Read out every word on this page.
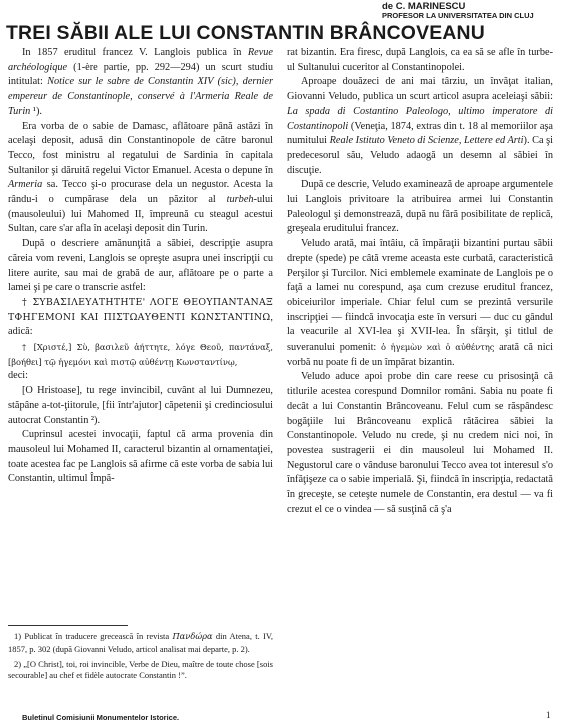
de C. MARINESCU
PROFESOR LA UNIVERSITATEA DIN CLUJ
TREI SĂBII ALE LUI CONSTANTIN BRÂNCOVEANU

In 1857 eruditul francez V. Langlois publica în Revue archéologique (1-ère partie, pp. 292—294) un scurt studiu intitulat: Notice sur le sabre de Constantin XIV (sic), dernier empereur de Constantinople, conservé à l'Armeria Reale de Turin ¹).

Era vorba de o sabie de Damasc, aflătoare până astăzi în acelaşi deposit, adusă din Constantinopole de către baronul Tecco, fost ministru al regatului de Sardinia în capitala Sultanilor şi dăruită regelui Victor Emanuel. Acesta o depune în Armeria sa. Tecco şi-o procurase dela un negustor. Acesta la rându-i o cumpărase dela un păzitor al turbeh-ului (mausoleului) lui Mahomed II, împreună cu steagul acestui Sultan, care s'ar afla în acelaşi deposit din Turin.

După o descriere amănunţită a săbiei, descripţie asupra căreia vom reveni, Langlois se opreşte asupra unei inscripţii cu litere aurite, sau mai de grabă de aur, aflătoare pe o parte a lamei şi pe care o transcrie astfel:

† ΣΥΒΑΣΙΛΕΥΑΤΗΤΗΤΕ' ΛΟΓΕ ΘΕΟΥΠΑΝΤΑΝΑΞ ΤΦΗΓΕΜΟΝΙ ΚΑΙ ΠΙΣΤΩΑΥΘΕΝΤΙ ΚΩΝΣΤΑΝΤΙΝΩ, adică:

† [Χριστέ,] Σὺ, βασιλεῦ ἀήττητε, λόγε Θεοῦ, παντάναξ, [βοήθει] τῷ ἡγεμόνι καὶ πιστῷ αὐθέντῃ Κωνσταντίνῳ,

deci:

[O Hristoase], tu rege invincibil, cuvânt al lui Dumnezeu, stăpâne a-tot-ţiitorule, [fii într'ajutor] căpetenii şi credinciosului autocrat Constantin ²).

Cuprinsul acestei invocaţii, faptul că arma provenia din mausoleul lui Mohamed II, caracterul bizantin al ornamentaţiei, toate acestea fac pe Langlois să afirme că este vorba de sabia lui Constantin, ultimul Împă-

rat bizantin. Era firesc, după Langlois, ca ea să se afle în turbe-ul Sultanului cuceritor al Constantinopolei.

Aproape douăzeci de ani mai târziu, un învăţat italian, Giovanni Veludo, publica un scurt articol asupra aceleiaşi săbii: La spada di Costantino Paleologo, ultimo imperatore di Costantinopoli (Veneţia, 1874, extras din t. 18 al memoriilor aşa numitului Reale Istituto Veneto di Scienze, Lettere ed Arti). Ca şi predecesorul său, Veludo adaogă un desemn al săbiei în discuţie.

După ce descrie, Veludo examinează de aproape argumentele lui Langlois privitoare la atribuirea armei lui Constantin Paleologul şi demonstrează, după nu fără posibilitate de replică, greşeala eruditului francez.

Veludo arată, mai întâiu, că împăraţii bizantini purtau săbii drepte (spede) pe câtă vreme aceasta este curbată, caracteristică Perşilor şi Turcilor. Nici emblemele examinate de Langlois pe o faţă a lamei nu corespund, aşa cum crezuse eruditul francez, obiceiurilor imperiale. Chiar felul cum se prezintă versurile inscripţiei — fiindcă invocaţia este în versuri — duc cu gândul la veacurile al XVI-lea şi XVII-lea. În sfârşit, şi titlul de suveranului pomenit: ὁ ἡγεμὼν ϰαὶ ὁ αὐθέντης arată că nici vorbă nu poate fi de un împărat bizantin.

Veludo aduce apoi probe din care reese cu prisosinţă că titlurile acestea corespund Domnilor români. Sabia nu poate fi decât a lui Constantin Brâncoveanu. Felul cum se răspândesc bogăţiile lui Brâncoveanu explică rătăcirea săbiei la Constantinopole. Veludo nu crede, şi nu credem nici noi, în povestea sustragerii ei din mausoleul lui Mohamed II. Negustorul care o vânduse baronului Tecco avea tot interesul s'o înfăţişeze ca o sabie imperială. Şi, fiindcă în inscripţia, redactată în greceşte, se ceteşte numele de Constantin, era destul — va fi crezut el ce o vindea — să susţină că ş'a

1) Publicat în traducere grecească în revista Πανδώρα din Atena, t. IV, 1857, p. 302 (după Giovanni Veludo, articol analisat mai departe, p. 2).

2) „[O Christ], toi, roi invincible, Verbe de Dieu, maître de toute chose [sois secourable] au chef et fidèle autocrate Constantin !”.

Buletinul Comisiunii Monumentelor Istorice.	1
